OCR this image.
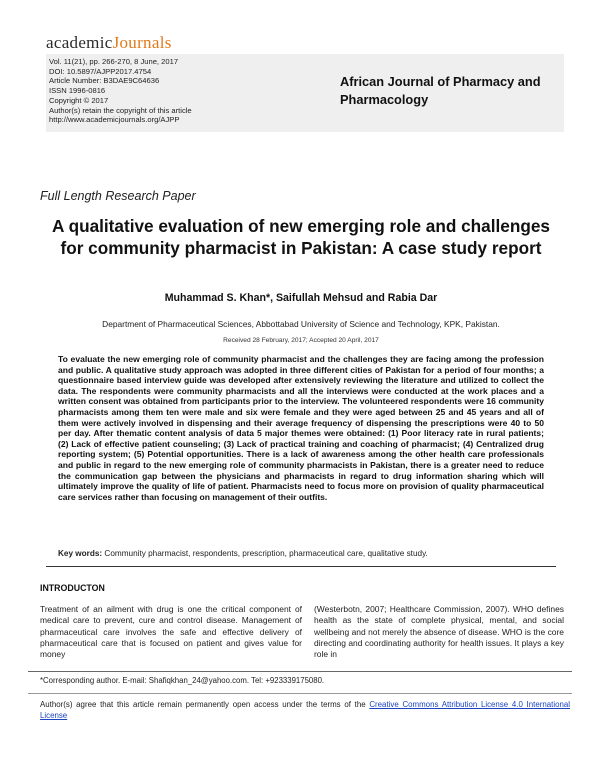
academicJournals
Vol. 11(21), pp. 266-270, 8 June, 2017
DOI: 10.5897/AJPP2017.4754
Article Number: B3DAE9C64636
ISSN 1996-0816
Copyright © 2017
Author(s) retain the copyright of this article
http://www.academicjournals.org/AJPP
African Journal of Pharmacy and Pharmacology
Full Length Research Paper
A qualitative evaluation of new emerging role and challenges for community pharmacist in Pakistan: A case study report
Muhammad S. Khan*, Saifullah Mehsud and Rabia Dar
Department of Pharmaceutical Sciences, Abbottabad University of Science and Technology, KPK, Pakistan.
Received 28 February, 2017; Accepted 20 April, 2017
To evaluate the new emerging role of community pharmacist and the challenges they are facing among the profession and public. A qualitative study approach was adopted in three different cities of Pakistan for a period of four months; a questionnaire based interview guide was developed after extensively reviewing the literature and utilized to collect the data. The respondents were community pharmacists and all the interviews were conducted at the work places and a written consent was obtained from participants prior to the interview. The volunteered respondents were 16 community pharmacists among them ten were male and six were female and they were aged between 25 and 45 years and all of them were actively involved in dispensing and their average frequency of dispensing the prescriptions were 40 to 50 per day. After thematic content analysis of data 5 major themes were obtained: (1) Poor literacy rate in rural patients; (2) Lack of effective patient counseling; (3) Lack of practical training and coaching of pharmacist; (4) Centralized drug reporting system; (5) Potential opportunities. There is a lack of awareness among the other health care professionals and public in regard to the new emerging role of community pharmacists in Pakistan, there is a greater need to reduce the communication gap between the physicians and pharmacists in regard to drug information sharing which will ultimately improve the quality of life of patient. Pharmacists need to focus more on provision of quality pharmaceutical care services rather than focusing on management of their outfits.
Key words: Community pharmacist, respondents, prescription, pharmaceutical care, qualitative study.
INTRODUCTON
Treatment of an ailment with drug is one the critical component of medical care to prevent, cure and control disease. Management of pharmaceutical care involves the safe and effective delivery of pharmaceutical care that is focused on patient and gives value for money
(Westerbotn, 2007; Healthcare Commission, 2007). WHO defines health as the state of complete physical, mental, and social wellbeing and not merely the absence of disease. WHO is the core directing and coordinating authority for health issues. It plays a key role in
*Corresponding author. E-mail: Shafiqkhan_24@yahoo.com. Tel: +923339175080.
Author(s) agree that this article remain permanently open access under the terms of the Creative Commons Attribution License 4.0 International License
